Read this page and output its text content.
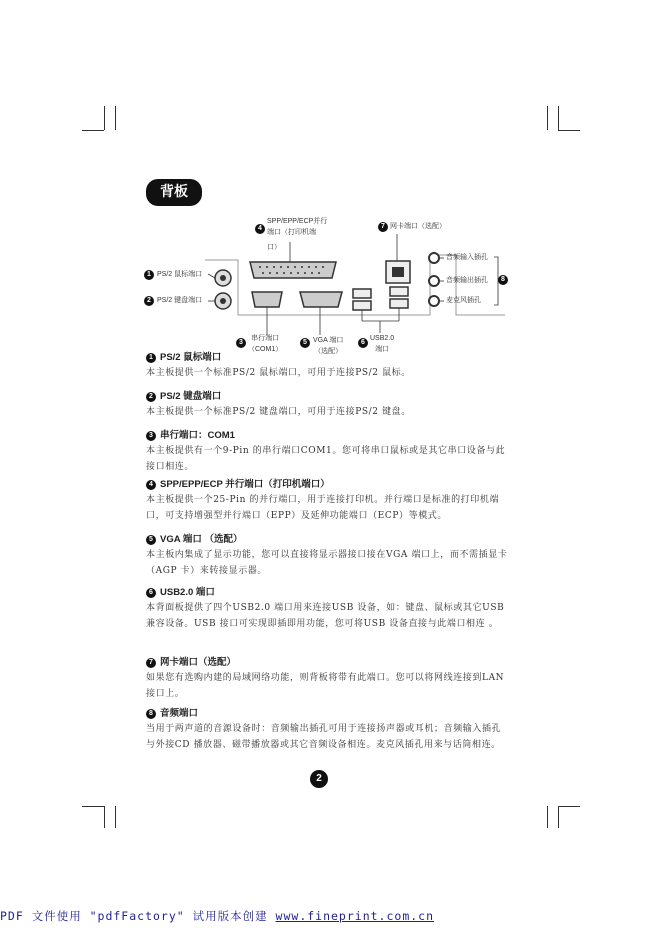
背板
1 PS/2 鼠标端口
2 PS/2 键盘端口
4
SPP/EPP/ECP并行
端口（打印机端
口）
7 网卡端口（选配）
音频输入插孔
音频输出插孔
麦克风插孔
8
3
串行端口
（COM1）
5 VGA 端口
（选配）
6
USB2.0
端口
1 PS/2 鼠标端口
本主板提供一个标准PS/2 鼠标端口，可用于连接PS/2 鼠标。
2 PS/2 键盘端口
本主板提供一个标准PS/2 键盘端口，可用于连接PS/2 键盘。
3 串行端口：COM1
本主板提供有一个9-Pin 的串行端口COM1。您可将串口鼠标或是其它串口设备与此接口相连。
4 SPP/EPP/ECP 并行端口（打印机端口）
本主板提供一个25-Pin 的并行端口，用于连接打印机。并行端口是标准的打印机端口，可支持增强型并行端口（EPP）及延伸功能端口（ECP）等模式。
5 VGA 端口 （选配）
本主板内集成了显示功能，您可以直接将显示器接口接在VGA 端口上，而不需插显卡（AGP 卡）来转接显示器。
6 USB2.0 端口
本背面板提供了四个USB2.0 端口用来连接USB 设备，如：键盘、鼠标或其它USB 兼容设备。USB 接口可实现即插即用功能，您可将USB 设备直接与此端口相连 。
7 网卡端口（选配）
如果您有选购内建的局域网络功能，则背板将带有此端口。您可以将网线连接到LAN 接口上。
8 音频端口
当用于两声道的音源设备时：音频输出插孔可用于连接扬声器或耳机；音频输入插孔与外接CD 播放器、磁带播放器或其它音频设备相连。麦克风插孔用来与话筒相连。
2
PDF 文件使用 "pdfFactory" 试用版本创建 www.fineprint.com.cn
